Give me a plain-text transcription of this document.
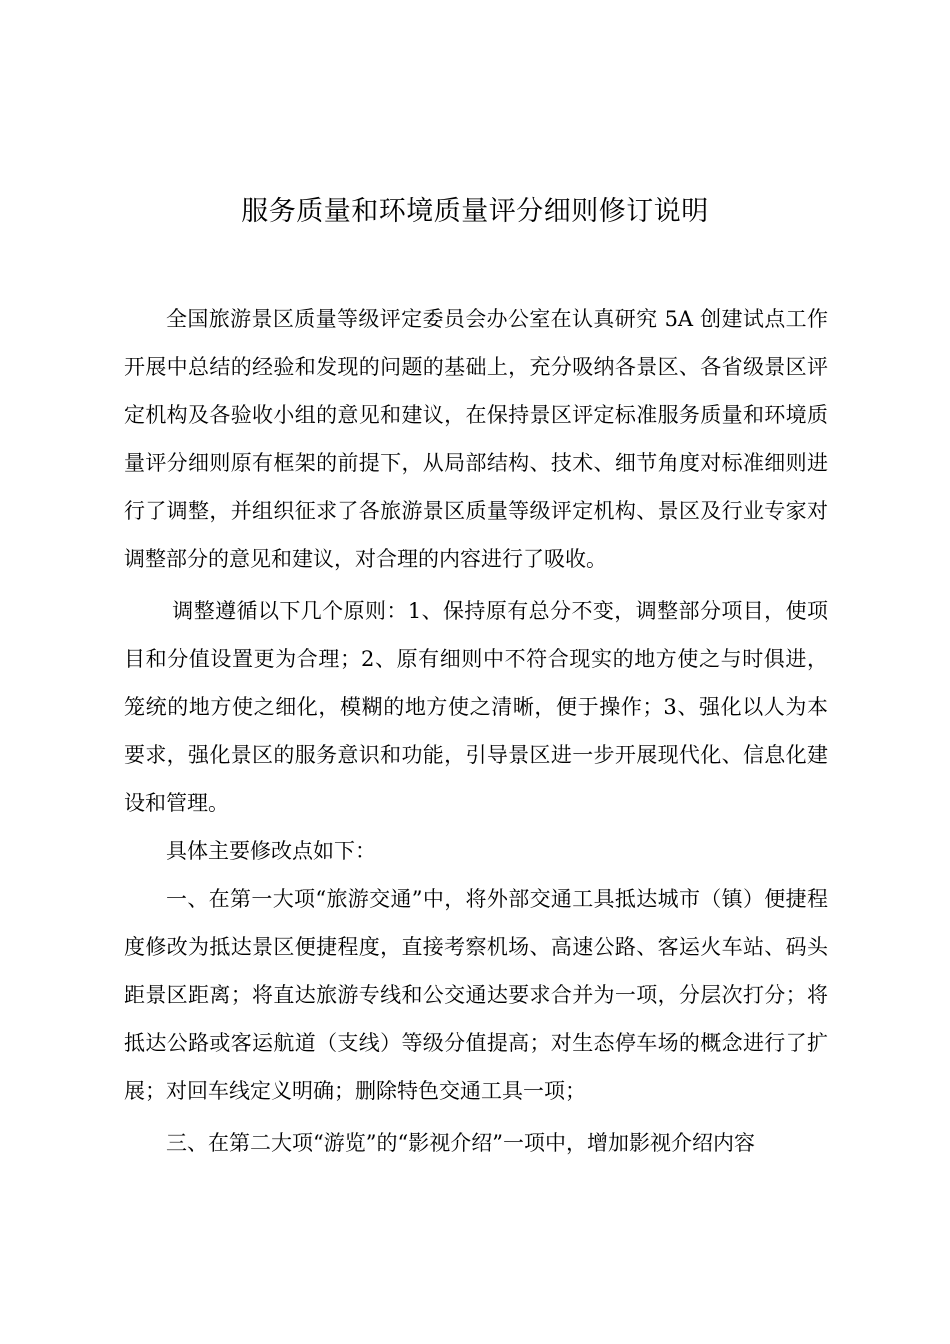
服务质量和环境质量评分细则修订说明

全国旅游景区质量等级评定委员会办公室在认真研究 5A 创建试点工作开展中总结的经验和发现的问题的基础上，充分吸纳各景区、各省级景区评定机构及各验收小组的意见和建议，在保持景区评定标准服务质量和环境质量评分细则原有框架的前提下，从局部结构、技术、细节角度对标准细则进行了调整，并组织征求了各旅游景区质量等级评定机构、景区及行业专家对调整部分的意见和建议，对合理的内容进行了吸收。

调整遵循以下几个原则：1、保持原有总分不变，调整部分项目，使项目和分值设置更为合理；2、原有细则中不符合现实的地方使之与时俱进，笼统的地方使之细化，模糊的地方使之清晰，便于操作；3、强化以人为本要求，强化景区的服务意识和功能，引导景区进一步开展现代化、信息化建设和管理。

具体主要修改点如下：

一、在第一大项“旅游交通”中，将外部交通工具抵达城市（镇）便捷程度修改为抵达景区便捷程度，直接考察机场、高速公路、客运火车站、码头距景区距离；将直达旅游专线和公交通达要求合并为一项，分层次打分；将抵达公路或客运航道（支线）等级分值提高；对生态停车场的概念进行了扩展；对回车线定义明确；删除特色交通工具一项；

三、在第二大项“游览”的“影视介绍”一项中，增加影视介绍内容
